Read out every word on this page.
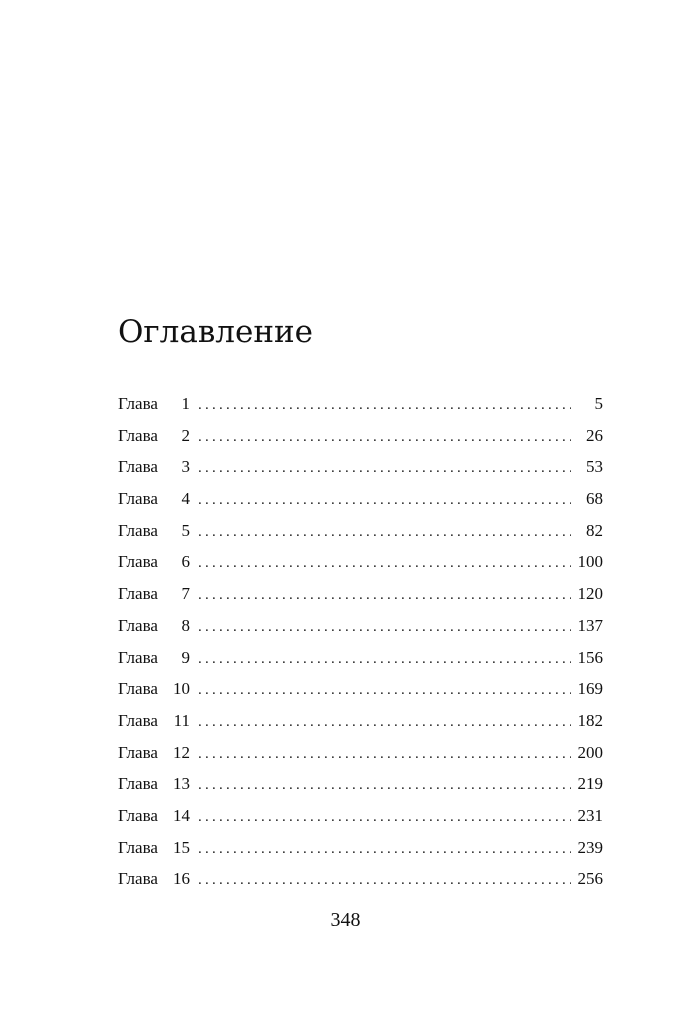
Оглавление
Глава	1 . . .	5
Глава	2 . . .	26
Глава	3 . . .	53
Глава	4 . . .	68
Глава	5 . . .	82
Глава	6 . . .	100
Глава	7 . . .	120
Глава	8 . . .	137
Глава	9 . . .	156
Глава 10 . . .	169
Глава 11 . . .	182
Глава 12 . . .	200
Глава 13 . . .	219
Глава 14 . . .	231
Глава 15 . . .	239
Глава 16 . . .	256
348
